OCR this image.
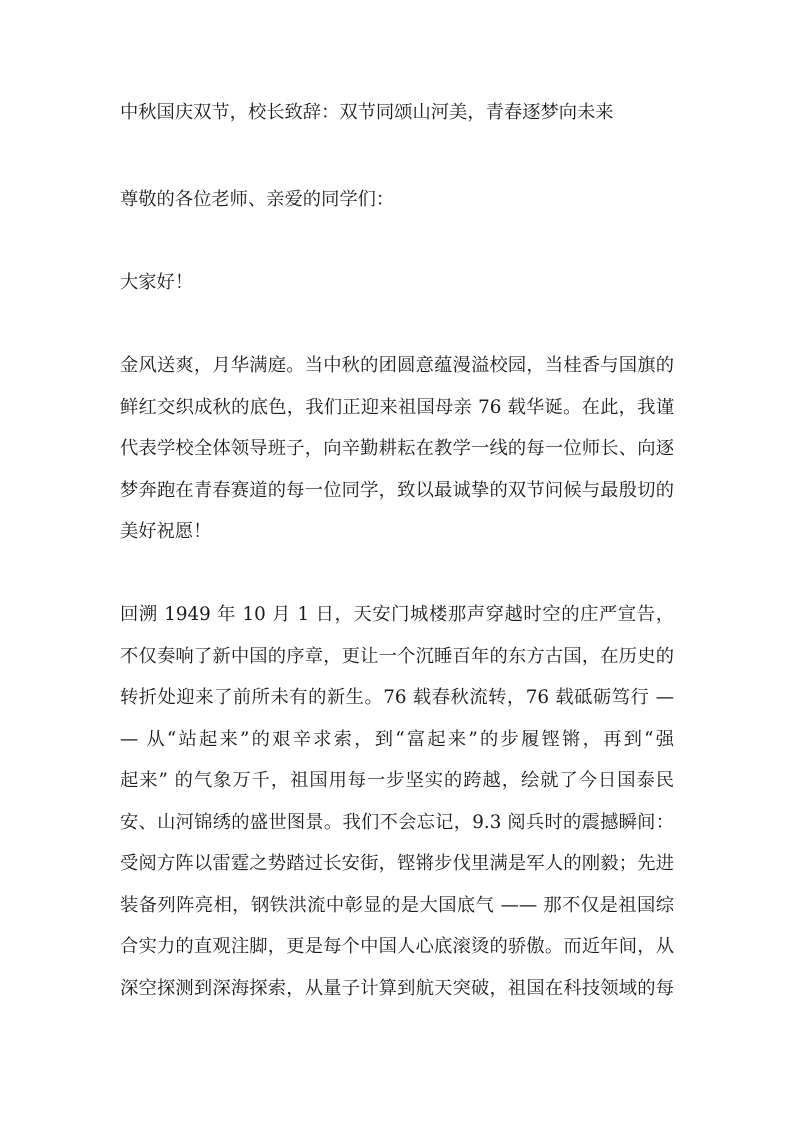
中秋国庆双节，校长致辞：双节同颂山河美，青春逐梦向未来
尊敬的各位老师、亲爱的同学们：
大家好！
金风送爽，月华满庭。当中秋的团圆意蕴漫溢校园，当桂香与国旗的
鲜红交织成秋的底色，我们正迎来祖国母亲 76 载华诞。在此，我谨
代表学校全体领导班子，向辛勤耕耘在教学一线的每一位师长、向逐
梦奔跑在青春赛道的每一位同学，致以最诚挚的双节问候与最殷切的
美好祝愿！
回溯 1949 年 10 月 1 日，天安门城楼那声穿越时空的庄严宣告，
不仅奏响了新中国的序章，更让一个沉睡百年的东方古国，在历史的
转折处迎来了前所未有的新生。76 载春秋流转，76 载砥砺笃行 —
— 从“站起来”的艰辛求索，到“富起来”的步履铿锵，再到“强
起来” 的气象万千，祖国用每一步坚实的跨越，绘就了今日国泰民
安、山河锦绣的盛世图景。我们不会忘记，9.3 阅兵时的震撼瞬间：
受阅方阵以雷霆之势踏过长安街，铿锵步伐里满是军人的刚毅；先进
装备列阵亮相，钢铁洪流中彰显的是大国底气 —— 那不仅是祖国综
合实力的直观注脚，更是每个中国人心底滚烫的骄傲。而近年间，从
深空探测到深海探索，从量子计算到航天突破，祖国在科技领域的每
